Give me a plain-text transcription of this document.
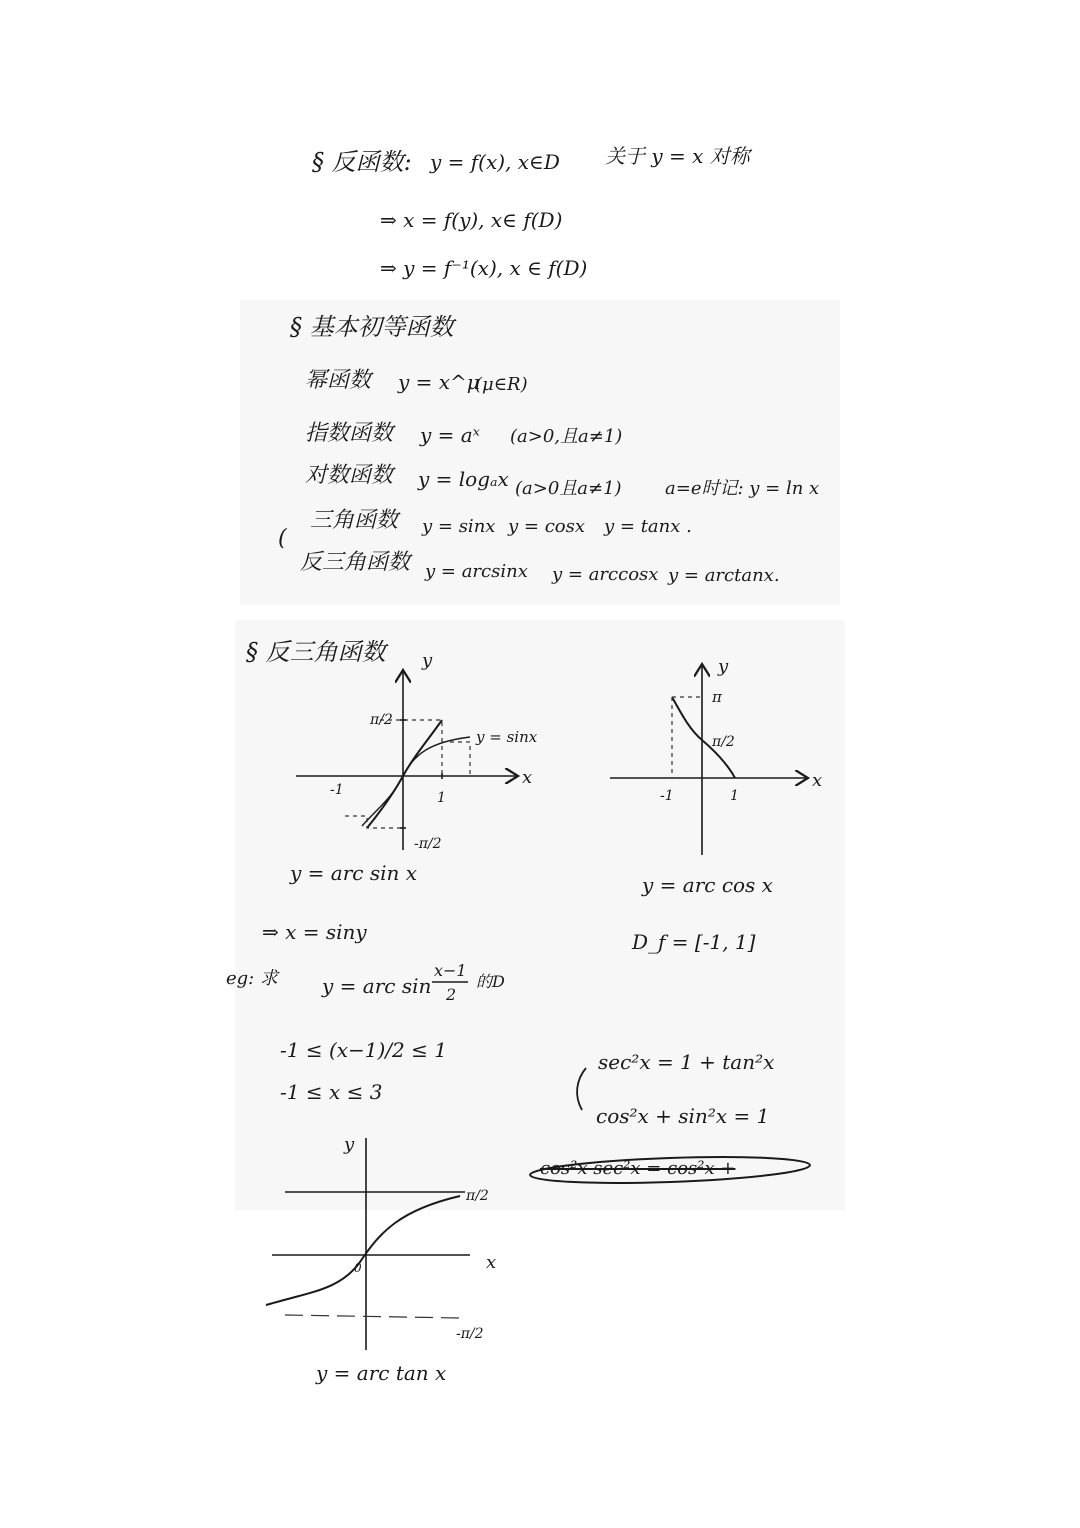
§ 反函数: y = f(x), x∈D 关于 y = x 对称
⇒ x = f(y), x∈ f(D)
⇒ y = f⁻¹(x), x ∈ f(D)
§ 基本初等函数
幂函数 y = x^μ
(μ∈R)
指数函数 y = aˣ (a>0,且a≠1)
对数函数 y = logₐx (a>0且a≠1) a=e时记: y = ln x
(
三角函数 y = sinx y = cosx y = tanx .
反三角函数 y = arcsinx y = arccosx y = arctanx.
§ 反三角函数 y
x
π/2
-π/2
1
-1
y = sinx
y = arc sin x
y
x
π
π/2
1
-1
y = arc cos x
x−1
2
y
x
π/2
-π/2
0
y = arc tan x
⇒ x = siny	D_f = [-1, 1]
eg: 求 y = arc sin	的D
-1 ≤ (x−1)/2 ≤ 1
-1 ≤ x ≤ 3
sec²x = 1 + tan²x
cos²x + sin²x = 1
cos²x sec²x = cos²x +
